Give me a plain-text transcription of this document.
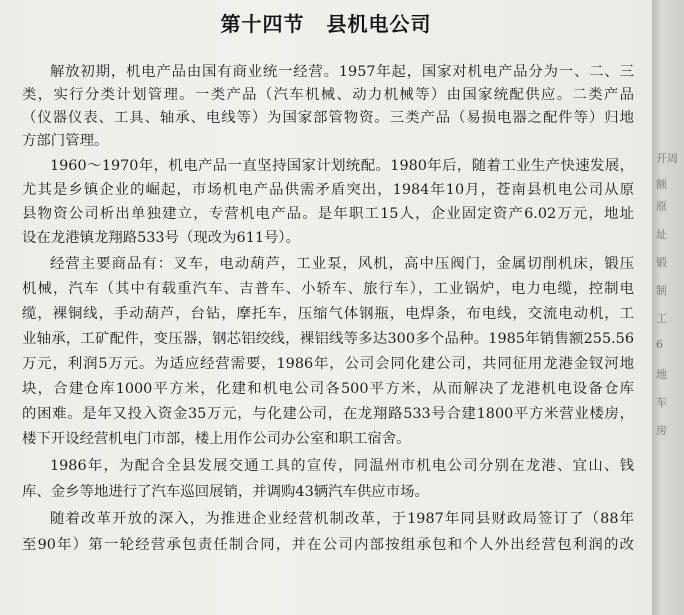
第十四节 县机电公司
解放初期，机电产品由国有商业统一经营。1957年起，国家对机电产品分为一、二、三
类，实行分类计划管理。一类产品（汽车机械、动力机械等）由国家统配供应。二类产品
（仪器仪表、工具、轴承、电线等）为国家部管物资。三类产品（易损电器之配件等）归地
方部门管理。
1960～1970年，机电产品一直坚持国家计划统配。1980年后，随着工业生产快速发展，
尤其是乡镇企业的崛起，市场机电产品供需矛盾突出，1984年10月，苍南县机电公司从原
县物资公司析出单独建立，专营机电产品。是年职工15人，企业固定资产6.02万元，地址
设在龙港镇龙翔路533号（现改为611号）。
经营主要商品有：叉车，电动葫芦，工业泵，风机，高中压阀门，金属切削机床，锻压
机械，汽车（其中有载重汽车、吉普车、小轿车、旅行车），工业锅炉，电力电缆，控制电
缆，裸铜线，手动葫芦，台钻，摩托车，压缩气体钢瓶，电焊条，布电线，交流电动机，工
业轴承，工矿配件，变压器，钢芯铝绞线，裸铝线等多达300多个品种。1985年销售额255.56
万元，利润5万元。为适应经营需要，1986年，公司会同化建公司，共同征用龙港金钗河地
块，合建仓库1000平方米，化建和机电公司各500平方米，从而解决了龙港机电设备仓库
的困难。是年又投入资金35万元，与化建公司，在龙翔路533号合建1800平方米营业楼房，
楼下开设经营机电门市部，楼上用作公司办公室和职工宿舍。
1986年，为配合全县发展交通工具的宣传，同温州市机电公司分别在龙港、宜山、钱
库、金乡等地进行了汽车巡回展销，并调购43辆汽车供应市场。
随着改革开放的深入，为推进企业经营机制改革，于1987年同县财政局签订了（88年
至90年）第一轮经营承包责任制合同，并在公司内部按组承包和个人外出经营包利润的改
开周
额
原
址
锻
制
工
6
地
车
房
